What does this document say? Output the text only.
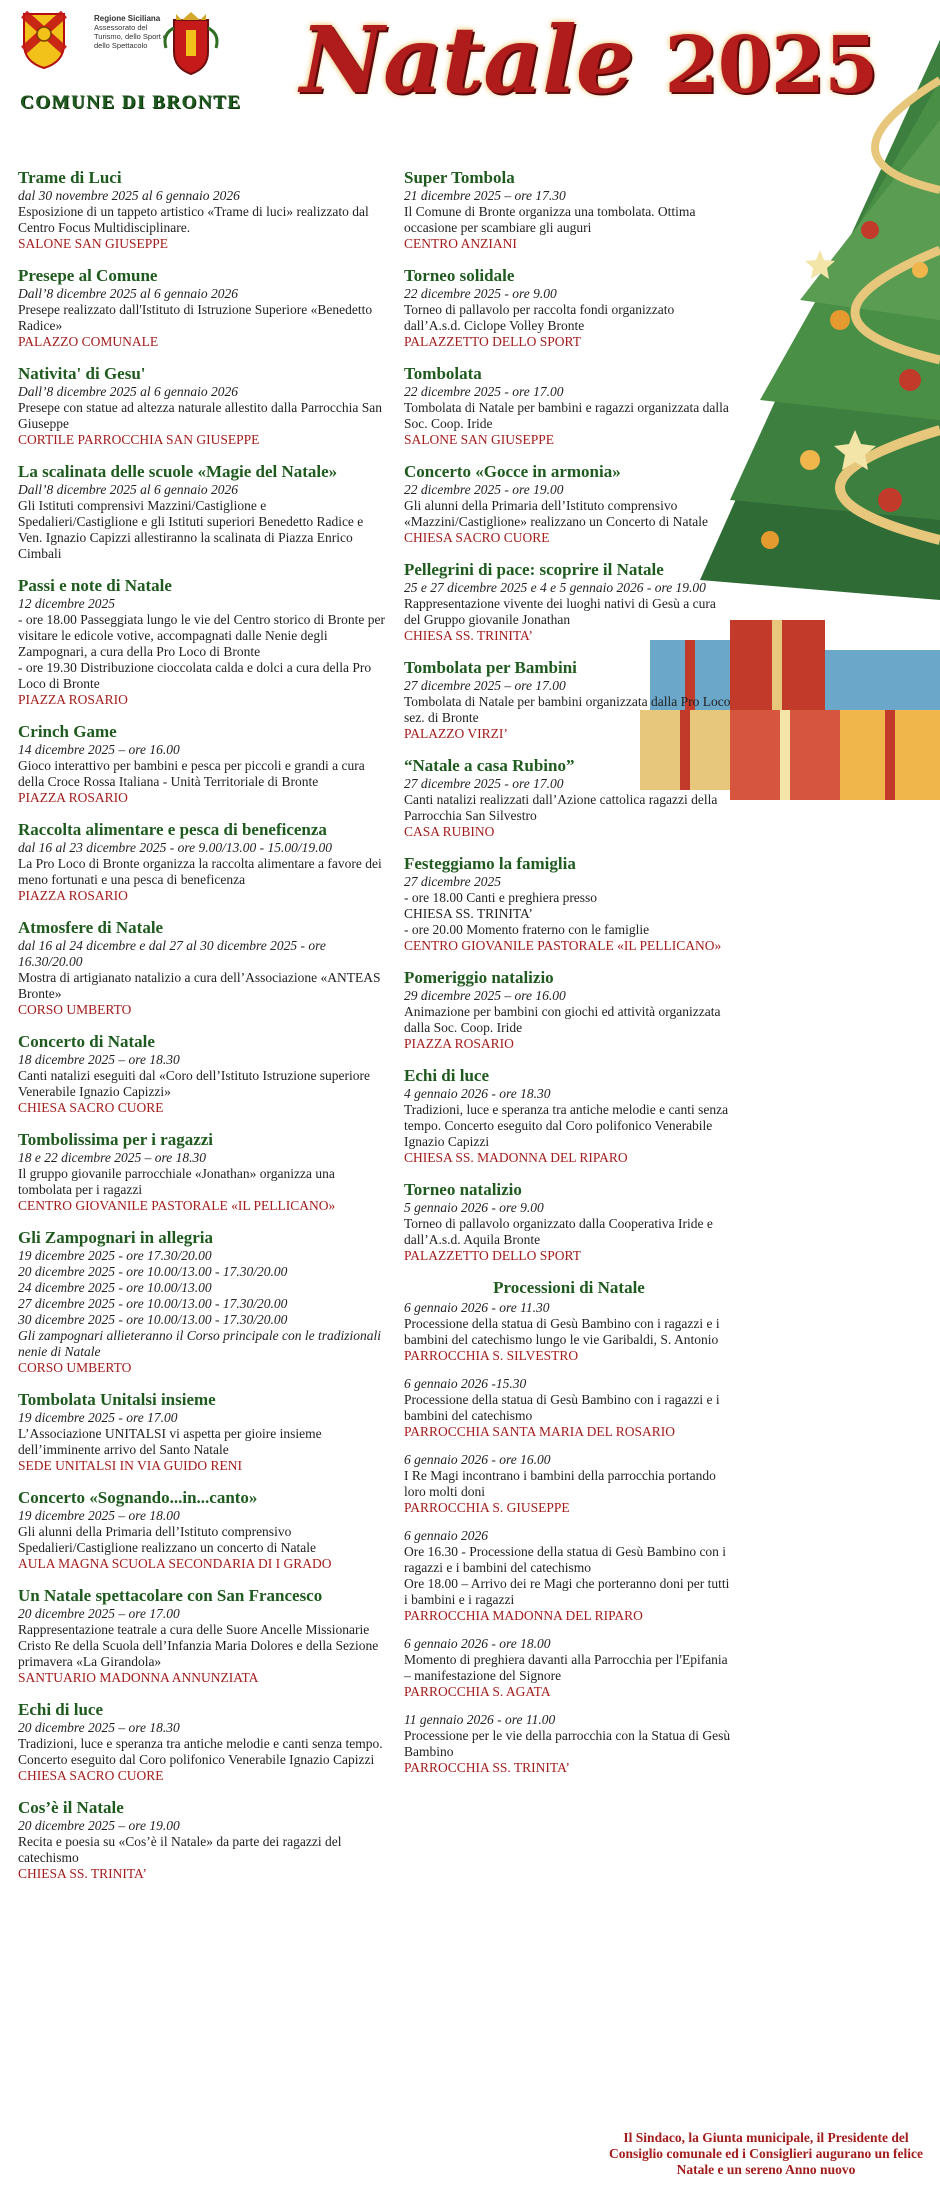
Regione Siciliana
Assessorato del Turismo, dello Sport e dello Spettacolo
COMUNE DI BRONTE Natale 2025
Trame di Luci
dal 30 novembre 2025 al 6 gennaio 2026
Esposizione di un tappeto artistico «Trame di luci» realizzato dal Centro Focus Multidisciplinare.
SALONE SAN GIUSEPPE
Presepe al Comune
Dall’8 dicembre 2025 al 6 gennaio 2026
Presepe realizzato dall'Istituto di Istruzione Superiore «Benedetto Radice»
PALAZZO COMUNALE
Nativita' di Gesu'
Dall’8 dicembre 2025 al 6 gennaio 2026
Presepe con statue ad altezza naturale allestito dalla Parrocchia San Giuseppe
CORTILE PARROCCHIA SAN GIUSEPPE
La scalinata delle scuole «Magie del Natale»
Dall’8 dicembre 2025 al 6 gennaio 2026
Gli Istituti comprensivi Mazzini/Castiglione e Spedalieri/Castiglione e gli Istituti superiori Benedetto Radice e Ven. Ignazio Capizzi allestiranno la scalinata di Piazza Enrico Cimbali
Passi e note di Natale
12 dicembre 2025
- ore 18.00 Passeggiata lungo le vie del Centro storico di Bronte per visitare le edicole votive, accompagnati dalle Nenie degli Zampognari, a cura della Pro Loco di Bronte
- ore 19.30 Distribuzione cioccolata calda e dolci a cura della Pro Loco di Bronte
PIAZZA ROSARIO
Crinch Game
14 dicembre 2025 – ore 16.00
Gioco interattivo per bambini e pesca per piccoli e grandi a cura della Croce Rossa Italiana - Unità Territoriale di Bronte
PIAZZA ROSARIO
Raccolta alimentare e pesca di beneficenza
dal 16 al 23 dicembre 2025 - ore 9.00/13.00 - 15.00/19.00
La Pro Loco di Bronte organizza la raccolta alimentare a favore dei meno fortunati e una pesca di beneficenza
PIAZZA ROSARIO
Atmosfere di Natale
dal 16 al 24 dicembre e dal 27 al 30 dicembre 2025 - ore 16.30/20.00
Mostra di artigianato natalizio a cura dell’Associazione «ANTEAS Bronte»
CORSO UMBERTO
Concerto di Natale
18 dicembre 2025 – ore 18.30
Canti natalizi eseguiti dal «Coro dell’Istituto Istruzione superiore Venerabile Ignazio Capizzi»
CHIESA SACRO CUORE
Tombolissima per i ragazzi
18 e 22 dicembre 2025 – ore 18.30
Il gruppo giovanile parrocchiale «Jonathan» organizza una tombolata per i ragazzi
CENTRO GIOVANILE PASTORALE «IL PELLICANO»
Gli Zampognari in allegria
19 dicembre 2025 - ore 17.30/20.00
20 dicembre 2025 - ore 10.00/13.00 - 17.30/20.00
24 dicembre 2025 - ore 10.00/13.00
27 dicembre 2025 - ore 10.00/13.00 - 17.30/20.00
30 dicembre 2025 - ore 10.00/13.00 - 17.30/20.00
Gli zampognari allieteranno il Corso principale con le tradizionali nenie di Natale
CORSO UMBERTO
Tombolata Unitalsi insieme
19 dicembre 2025 - ore 17.00
L’Associazione UNITALSI vi aspetta per gioire insieme dell’imminente arrivo del Santo Natale
SEDE UNITALSI IN VIA GUIDO RENI
Concerto «Sognando...in...canto»
19 dicembre 2025 – ore 18.00
Gli alunni della Primaria dell’Istituto comprensivo Spedalieri/Castiglione realizzano un concerto di Natale
AULA MAGNA SCUOLA SECONDARIA DI I GRADO
Un Natale spettacolare con San Francesco
20 dicembre 2025 – ore 17.00
Rappresentazione teatrale a cura delle Suore Ancelle Missionarie Cristo Re della Scuola dell’Infanzia Maria Dolores e della Sezione primavera «La Girandola»
SANTUARIO MADONNA ANNUNZIATA
Echi di luce
20 dicembre 2025 – ore 18.30
Tradizioni, luce e speranza tra antiche melodie e canti senza tempo. Concerto eseguito dal Coro polifonico Venerabile Ignazio Capizzi
CHIESA SACRO CUORE
Cos’è il Natale
20 dicembre 2025 – ore 19.00
Recita e poesia su «Cos’è il Natale» da parte dei ragazzi del catechismo
CHIESA SS. TRINITA’
Super Tombola
21 dicembre 2025 – ore 17.30
Il Comune di Bronte organizza una tombolata. Ottima occasione per scambiare gli auguri
CENTRO ANZIANI
Torneo solidale
22 dicembre 2025 - ore 9.00
Torneo di pallavolo per raccolta fondi organizzato dall’A.s.d. Ciclope Volley Bronte
PALAZZETTO DELLO SPORT
Tombolata
22 dicembre 2025 - ore 17.00
Tombolata di Natale per bambini e ragazzi organizzata dalla Soc. Coop. Iride
SALONE SAN GIUSEPPE
Concerto «Gocce in armonia»
22 dicembre 2025 - ore 19.00
Gli alunni della Primaria dell’Istituto comprensivo «Mazzini/Castiglione» realizzano un Concerto di Natale
CHIESA SACRO CUORE
Pellegrini di pace: scoprire il Natale
25 e 27 dicembre 2025 e 4 e 5 gennaio 2026 - ore 19.00
Rappresentazione vivente dei luoghi nativi di Gesù a cura del Gruppo giovanile Jonathan
CHIESA SS. TRINITA’
Tombolata per Bambini
27 dicembre 2025 – ore 17.00
Tombolata di Natale per bambini organizzata dalla Pro Loco sez. di Bronte
PALAZZO VIRZI’
“Natale a casa Rubino”
27 dicembre 2025 - ore 17.00
Canti natalizi realizzati dall’Azione cattolica ragazzi della Parrocchia San Silvestro
CASA RUBINO
Festeggiamo la famiglia
27 dicembre 2025
- ore 18.00 Canti e preghiera presso
CHIESA SS. TRINITA’
- ore 20.00 Momento fraterno con le famiglie
CENTRO GIOVANILE PASTORALE «IL PELLICANO»
Pomeriggio natalizio
29 dicembre 2025 – ore 16.00
Animazione per bambini con giochi ed attività organizzata dalla Soc. Coop. Iride
PIAZZA ROSARIO
Echi di luce
4 gennaio 2026 - ore 18.30
Tradizioni, luce e speranza tra antiche melodie e canti senza tempo. Concerto eseguito dal Coro polifonico Venerabile Ignazio Capizzi
CHIESA SS. MADONNA DEL RIPARO
Torneo natalizio
5 gennaio 2026 - ore 9.00
Torneo di pallavolo organizzato dalla Cooperativa Iride e dall’A.s.d. Aquila Bronte
PALAZZETTO DELLO SPORT
Processioni di Natale
6 gennaio 2026 - ore 11.30
Processione della statua di Gesù Bambino con i ragazzi e i bambini del catechismo lungo le vie Garibaldi, S. Antonio
PARROCCHIA S. SILVESTRO
6 gennaio 2026 -15.30
Processione della statua di Gesù Bambino con i ragazzi e i bambini del catechismo
PARROCCHIA SANTA MARIA DEL ROSARIO
6 gennaio 2026 - ore 16.00
I Re Magi incontrano i bambini della parrocchia portando loro molti doni
PARROCCHIA S. GIUSEPPE
6 gennaio 2026
Ore 16.30 - Processione della statua di Gesù Bambino con i ragazzi e i bambini del catechismo
Ore 18.00 – Arrivo dei re Magi che porteranno doni per tutti i bambini e i ragazzi
PARROCCHIA MADONNA DEL RIPARO
6 gennaio 2026 - ore 18.00
Momento di preghiera davanti alla Parrocchia per l'Epifania – manifestazione del Signore
PARROCCHIA S. AGATA
11 gennaio 2026 - ore 11.00
Processione per le vie della parrocchia con la Statua di Gesù Bambino
PARROCCHIA SS. TRINITA’
Il Sindaco, la Giunta municipale, il Presidente del Consiglio comunale ed i Consiglieri augurano un felice Natale e un sereno Anno nuovo
